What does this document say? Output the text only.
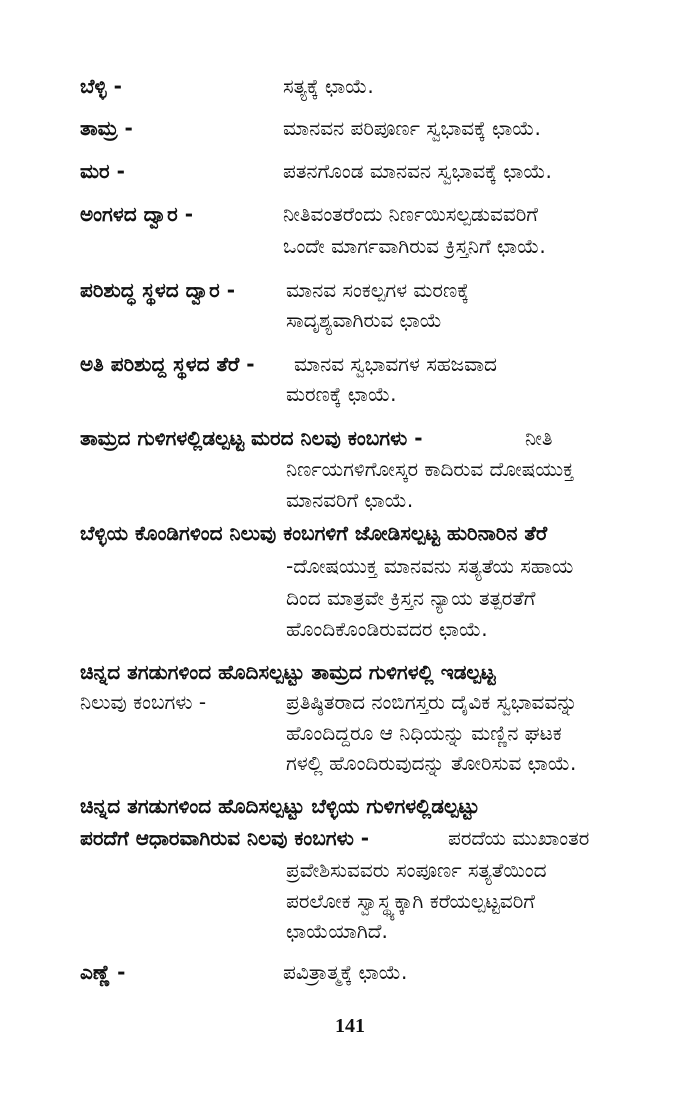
ಬೆಳ್ಳಿ -	ಸತ್ಯಕ್ಕೆ ಛಾಯೆ.
ತಾಮ್ರ -	ಮಾನವನ ಪರಿಪೂರ್ಣ ಸ್ವಭಾವಕ್ಕೆ ಛಾಯೆ.
ಮರ -	ಪತನಗೊಂಡ ಮಾನವನ ಸ್ವಭಾವಕ್ಕೆ ಛಾಯೆ.
ಅಂಗಳದ ದ್ವಾರ -	ನೀತಿವಂತರೆಂದು ನಿರ್ಣಯಿಸಲ್ಪಡುವವರಿಗೆ
ಒಂದೇ ಮಾರ್ಗವಾಗಿರುವ ಕ್ರಿಸ್ತನಿಗೆ ಛಾಯೆ.
ಪರಿಶುದ್ಧ ಸ್ಥಳದ ದ್ವಾರ -	ಮಾನವ ಸಂಕಲ್ಪಗಳ ಮರಣಕ್ಕೆ
ಸಾದೃಶ್ಯವಾಗಿರುವ ಛಾಯೆ
ಅತಿ ಪರಿಶುದ್ದ ಸ್ಥಳದ ತೆರೆ - ಮಾನವ ಸ್ವಭಾವಗಳ ಸಹಜವಾದ
ಮರಣಕ್ಕೆ ಛಾಯೆ.
ತಾಮ್ರದ ಗುಳಿಗಳಲ್ಲಿಡಲ್ಪಟ್ಟ ಮರದ ನಿಲವು ಕಂಬಗಳು -	ನೀತಿ
ನಿರ್ಣಯಗಳಿಗೋಸ್ಕರ ಕಾದಿರುವ ದೋಷಯುಕ್ತ
ಮಾನವರಿಗೆ ಛಾಯೆ.
ಬೆಳ್ಳಿಯ ಕೊಂಡಿಗಳಿಂದ ನಿಲುವು ಕಂಬಗಳಿಗೆ ಜೋಡಿಸಲ್ಪಟ್ಟ ಹುರಿನಾರಿನ ತೆರೆ
-ದೋಷಯುಕ್ತ ಮಾನವನು ಸತ್ಯತೆಯ ಸಹಾಯ
ದಿಂದ ಮಾತ್ರವೇ ಕ್ರಿಸ್ತನ ನ್ಯಾಯ ತತ್ಪರತೆಗೆ
ಹೊಂದಿಕೊಂಡಿರುವದರ ಛಾಯೆ.
ಚಿನ್ನದ ತಗಡುಗಳಿಂದ ಹೊದಿಸಲ್ಪಟ್ಟು ತಾಮ್ರದ ಗುಳಿಗಳಲ್ಲಿ ಇಡಲ್ಪಟ್ಟ
ನಿಲುವು ಕಂಬಗಳು -	ಪ್ರತಿಷ್ಠಿತರಾದ ನಂಬಿಗಸ್ತರು ದೈವಿಕ ಸ್ವಭಾವವನ್ನು
ಹೊಂದಿದ್ದರೂ ಆ ನಿಧಿಯನ್ನು ಮಣ್ಣಿನ ಘಟಕ
ಗಳಲ್ಲಿ ಹೊಂದಿರುವುದನ್ನು ತೋರಿಸುವ ಛಾಯೆ.
ಚಿನ್ನದ ತಗಡುಗಳಿಂದ ಹೊದಿಸಲ್ಪಟ್ಟು ಬೆಳ್ಳಿಯ ಗುಳಿಗಳಲ್ಲಿಡಲ್ಪಟ್ಟು
ಪರದೆಗೆ ಆಧಾರವಾಗಿರುವ ನಿಲವು ಕಂಬಗಳು -	ಪರದೆಯ ಮುಖಾಂತರ
ಪ್ರವೇಶಿಸುವವರು ಸಂಪೂರ್ಣ ಸತ್ಯತೆಯಿಂದ
ಪರಲೋಕ ಸ್ವಾಸ್ಥ್ಯಕ್ಕಾಗಿ ಕರೆಯಲ್ಪಟ್ಟವರಿಗೆ
ಛಾಯೆಯಾಗಿದೆ.
ಎಣ್ಣೆ -	ಪವಿತ್ರಾತ್ಮಕ್ಕೆ ಛಾಯೆ.
141
